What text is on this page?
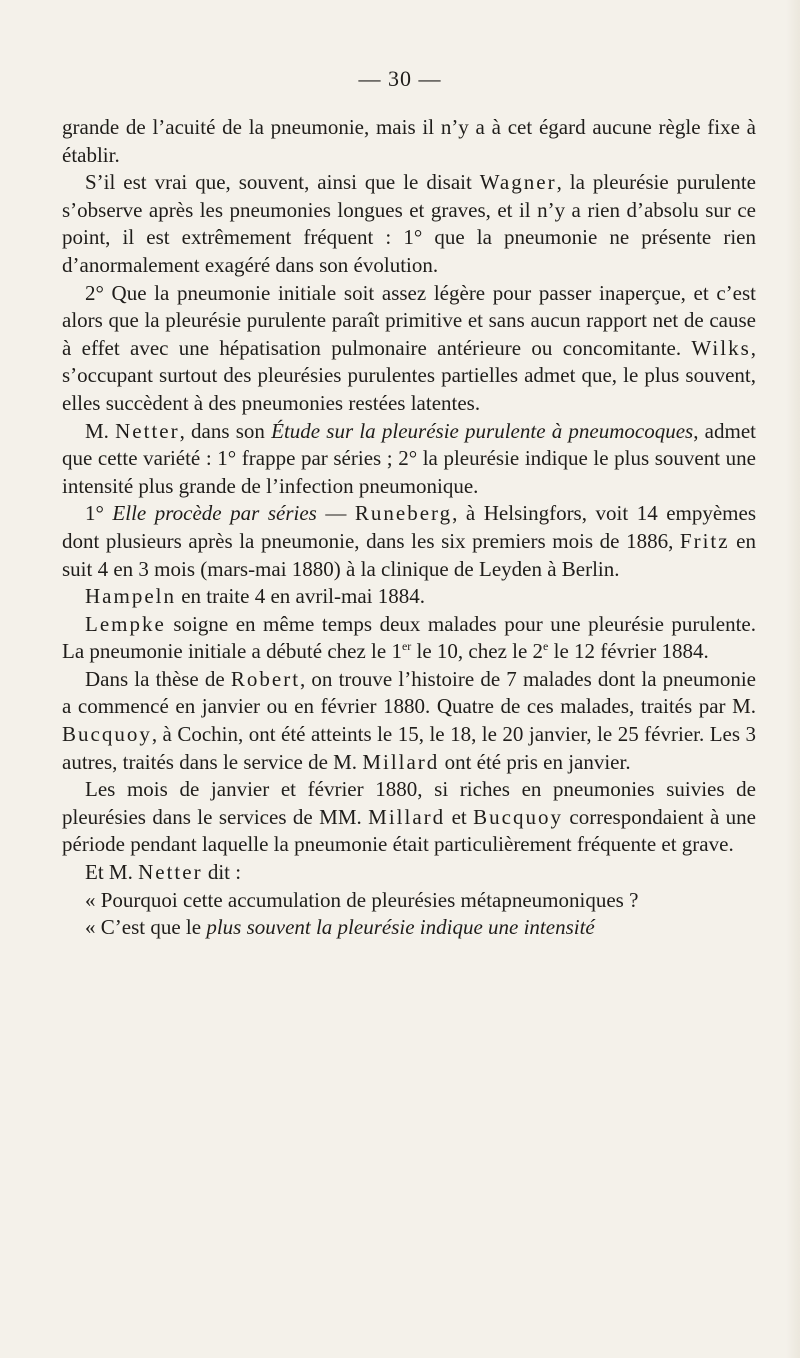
— 30 —

grande de l’acuité de la pneumonie, mais il n’y a à cet égard aucune règle fixe à établir.

S’il est vrai que, souvent, ainsi que le disait Wagner, la pleurésie purulente s’observe après les pneumonies longues et graves, et il n’y a rien d’absolu sur ce point, il est extrêmement fréquent : 1° que la pneumonie ne présente rien d’anormalement exagéré dans son évolution.

2° Que la pneumonie initiale soit assez légère pour passer inaperçue, et c’est alors que la pleurésie purulente paraît primitive et sans aucun rapport net de cause à effet avec une hépatisation pulmonaire antérieure ou concomitante. Wilks, s’occupant surtout des pleurésies purulentes partielles admet que, le plus souvent, elles succèdent à des pneumonies restées latentes.

M. Netter, dans son Étude sur la pleurésie purulente à pneumocoques, admet que cette variété : 1° frappe par séries ; 2° la pleurésie indique le plus souvent une intensité plus grande de l’infection pneumonique.

1° Elle procède par séries — Runeberg, à Helsingfors, voit 14 empyèmes dont plusieurs après la pneumonie, dans les six premiers mois de 1886, Fritz en suit 4 en 3 mois (mars-mai 1880) à la clinique de Leyden à Berlin.

Hampeln en traite 4 en avril-mai 1884.

Lempke soigne en même temps deux malades pour une pleurésie purulente. La pneumonie initiale a débuté chez le 1er le 10, chez le 2e le 12 février 1884.

Dans la thèse de Robert, on trouve l’histoire de 7 malades dont la pneumonie a commencé en janvier ou en février 1880. Quatre de ces malades, traités par M. Bucquoy, à Cochin, ont été atteints le 15, le 18, le 20 janvier, le 25 février. Les 3 autres, traités dans le service de M. Millard ont été pris en janvier.

Les mois de janvier et février 1880, si riches en pneumonies suivies de pleurésies dans le services de MM. Millard et Bucquoy correspondaient à une période pendant laquelle la pneumonie était particulièrement fréquente et grave.

Et M. Netter dit :

« Pourquoi cette accumulation de pleurésies métapneumoniques ?

« C’est que le plus souvent la pleurésie indique une intensité
